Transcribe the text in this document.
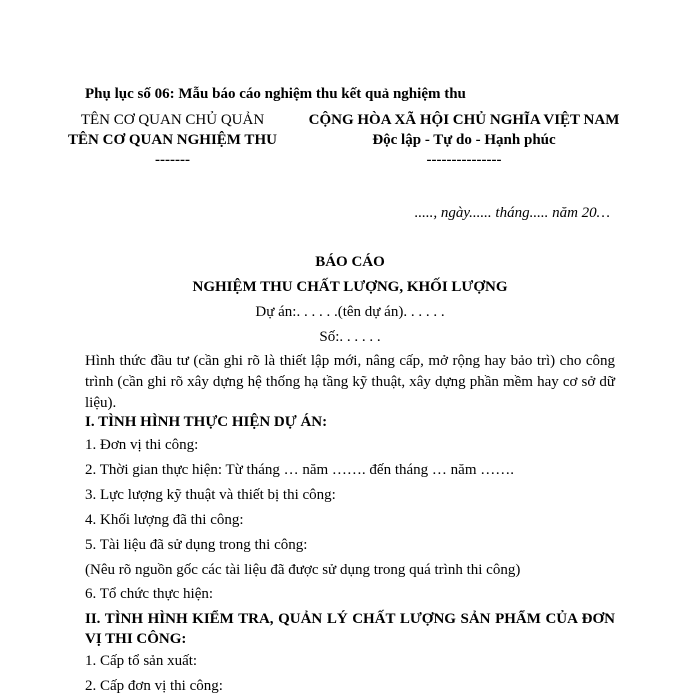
Phụ lục số 06: Mẫu báo cáo nghiệm thu kết quả nghiệm thu
TÊN CƠ QUAN CHỦ QUẢN
TÊN CƠ QUAN NGHIỆM THU
-------
CỘNG HÒA XÃ HỘI CHỦ NGHĨA VIỆT NAM
Độc lập - Tự do - Hạnh phúc
---------------
....., ngày...... tháng..... năm 20…
BÁO CÁO
NGHIỆM THU CHẤT LƯỢNG, KHỐI LƯỢNG
Dự án:. . . . . .(tên dự án). . . . . .
Số:. . . . . .
Hình thức đầu tư (cần ghi rõ là thiết lập mới, nâng cấp, mở rộng hay bảo trì) cho công trình (cần ghi rõ xây dựng hệ thống hạ tầng kỹ thuật, xây dựng phần mềm hay cơ sở dữ liệu).
I. TÌNH HÌNH THỰC HIỆN DỰ ÁN:
1. Đơn vị thi công:
2. Thời gian thực hiện: Từ tháng … năm ……. đến tháng … năm …….
3. Lực lượng kỹ thuật và thiết bị thi công:
4. Khối lượng đã thi công:
5. Tài liệu đã sử dụng trong thi công:
(Nêu rõ nguồn gốc các tài liệu đã được sử dụng trong quá trình thi công)
6. Tổ chức thực hiện:
II. TÌNH HÌNH KIỂM TRA, QUẢN LÝ CHẤT LƯỢNG SẢN PHẨM CỦA ĐƠN VỊ THI CÔNG:
1. Cấp tổ sản xuất:
2. Cấp đơn vị thi công:
